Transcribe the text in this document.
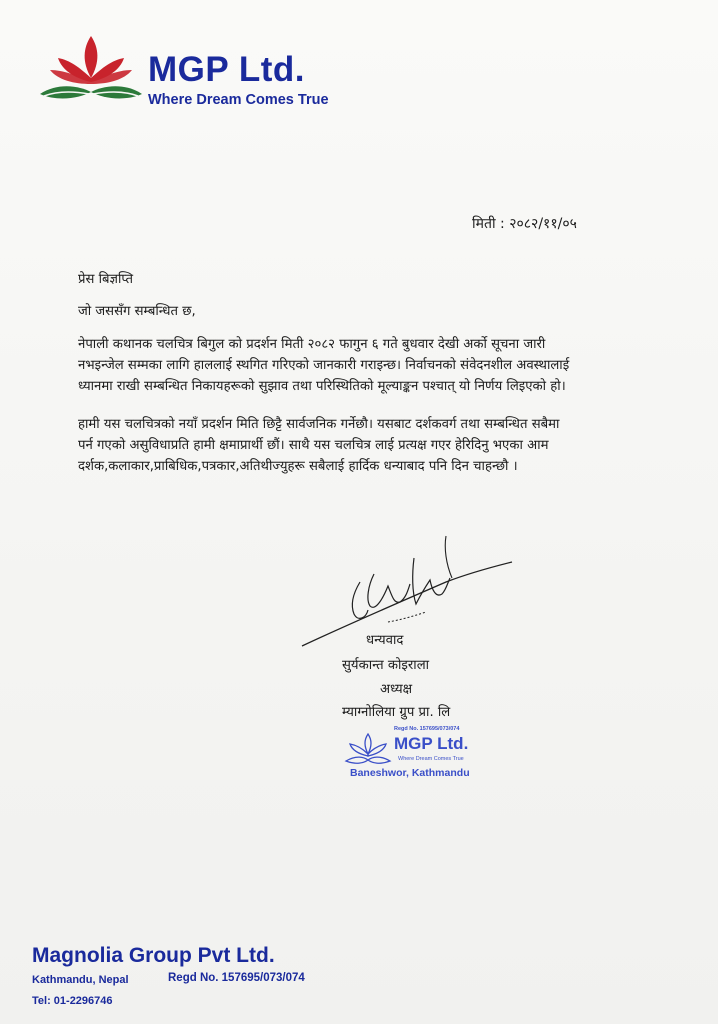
MGP Ltd.
Where Dream Comes True
मिती : २०८२/११/०५
प्रेस बिज्ञप्ति
जो जससँग सम्बन्धित छ,
नेपाली कथानक चलचित्र बिगुल को प्रदर्शन मिती २०८२ फागुन ६ गते बुधवार देखी अर्को सूचना जारी
नभइन्जेल सम्मका लागि हाललाई स्थगित गरिएको जानकारी गराइन्छ। निर्वाचनको संवेदनशील अवस्थालाई
ध्यानमा राखी सम्बन्धित निकायहरूको सुझाव तथा परिस्थितिको मूल्याङ्कन पश्चात् यो निर्णय लिइएको हो।
हामी यस चलचित्रको नयाँ प्रदर्शन मिति छिट्टै सार्वजनिक गर्नेछौ। यसबाट दर्शकवर्ग तथा सम्बन्धित सबैमा
पर्न गएको असुविधाप्रति हामी क्षमाप्रार्थी छौं। साथै यस चलचित्र लाई प्रत्यक्ष गएर हेरिदिनु भएका आम
दर्शक,कलाकार,प्राबिधिक,पत्रकार,अतिथीज्युहरू सबैलाई हार्दिक धन्याबाद पनि दिन चाहन्छौ ।
धन्यवाद
सुर्यकान्त कोइराला
अध्यक्ष
म्याग्नोलिया ग्रुप प्रा. लि
Regd No. 157695/073/074
MGP Ltd.
Where Dream Comes True
Baneshwor, Kathmandu
Magnolia Group Pvt Ltd.
Kathmandu, Nepal	Regd No. 157695/073/074
Tel: 01-2296746
